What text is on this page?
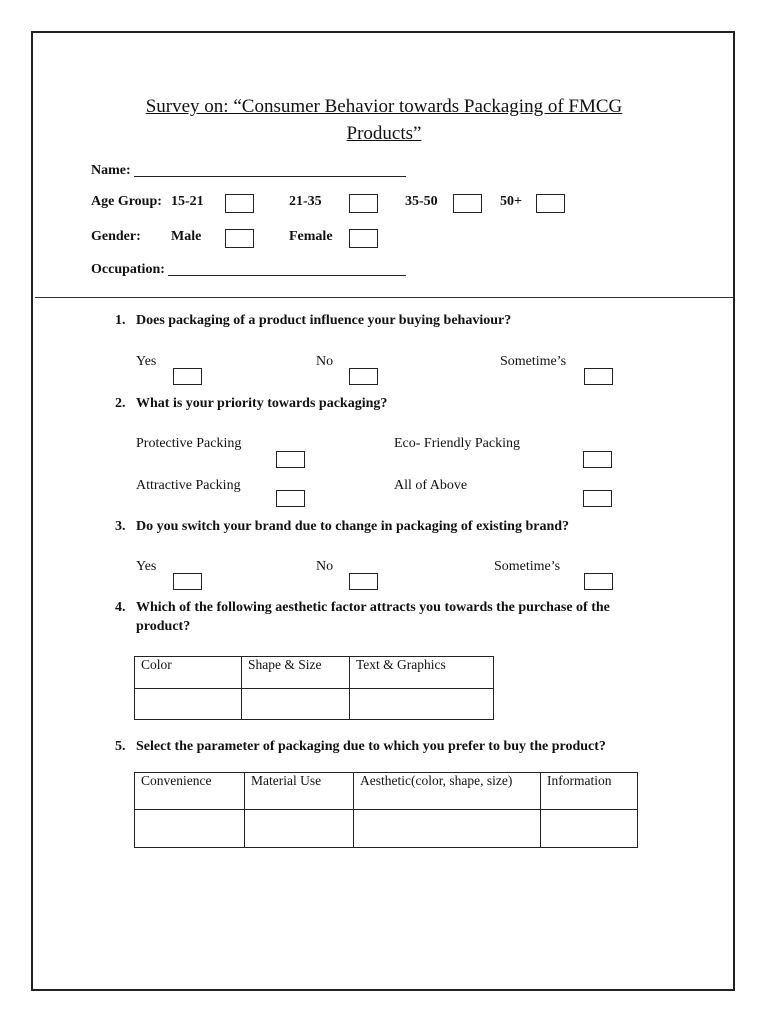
Survey on: “Consumer Behavior towards Packaging of FMCG
Products”
Name:
Age Group: 15-21	21-35	35-50	50+
Gender: Male	Female
Occupation:
1. Does packaging of a product influence your buying behaviour?
Yes	No	Sometime’s
2. What is your priority towards packaging?
Protective Packing	Eco- Friendly Packing
Attractive Packing	All of Above
3. Do you switch your brand due to change in packaging of existing brand?
Yes	No	Sometime’s
4. Which of the following aesthetic factor attracts you towards the purchase of the
product?
Color	Shape & Size	Text & Graphics

5. Select the parameter of packaging due to which you prefer to buy the product?
Convenience	Material Use	Aesthetic(color, shape, size)	Information
